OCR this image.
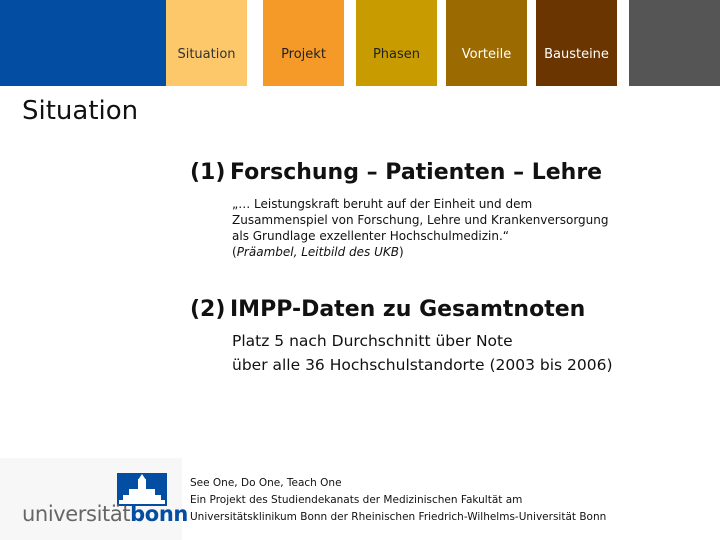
Situation	Projekt	Phasen	Vorteile	Bausteine
Situation
(1) Forschung – Patienten – Lehre
„… Leistungskraft beruht auf der Einheit und dem
Zusammenspiel von Forschung, Lehre und Krankenversorgung
als Grundlage exzellenter Hochschulmedizin.“
(Präambel, Leitbild des UKB)
(2) IMPP-Daten zu Gesamtnoten
Platz 5 nach Durchschnitt über Note
über alle 36 Hochschulstandorte (2003 bis 2006)
universitätbonn
See One, Do One, Teach One
Ein Projekt des Studiendekanats der Medizinischen Fakultät am
Universitätsklinikum Bonn der Rheinischen Friedrich-Wilhelms-Universität Bonn
